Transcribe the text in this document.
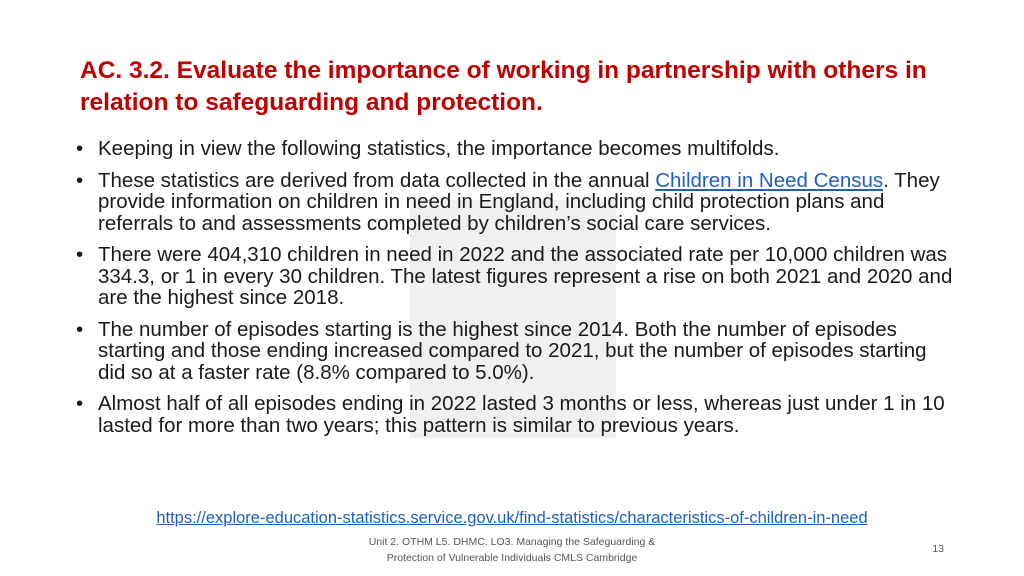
AC. 3.2. Evaluate the importance of working in partnership with others in relation to safeguarding and protection.
• Keeping in view the following statistics, the importance becomes multifolds.
• These statistics are derived from data collected in the annual Children in Need Census. They provide information on children in need in England, including child protection plans and referrals to and assessments completed by children’s social care services.
• There were 404,310 children in need in 2022 and the associated rate per 10,000 children was 334.3, or 1 in every 30 children. The latest figures represent a rise on both 2021 and 2020 and are the highest since 2018.
• The number of episodes starting is the highest since 2014. Both the number of episodes starting and those ending increased compared to 2021, but the number of episodes starting did so at a faster rate (8.8% compared to 5.0%).
• Almost half of all episodes ending in 2022 lasted 3 months or less, whereas just under 1 in 10 lasted for more than two years; this pattern is similar to previous years.
https://explore-education-statistics.service.gov.uk/find-statistics/characteristics-of-children-in-need
Unit 2. OTHM L5. DHMC. LO3. Managing the Safeguarding &
Protection of Vulnerable Individuals CMLS Cambridge
13
